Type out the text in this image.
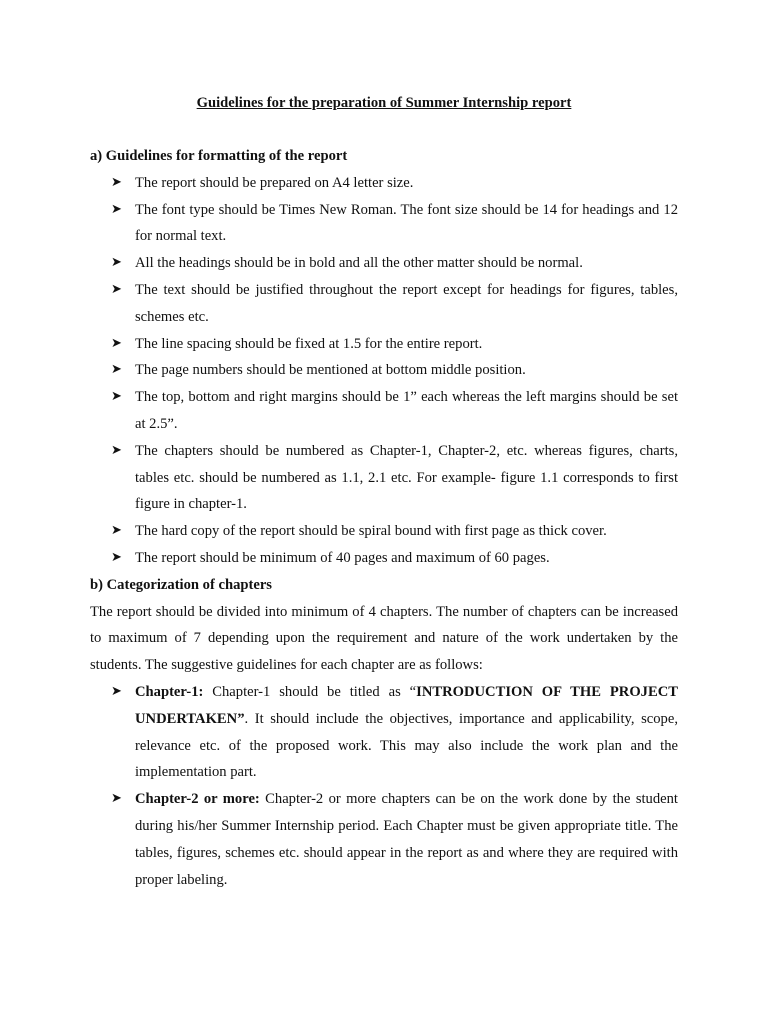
Guidelines for the preparation of Summer Internship report

a) Guidelines for formatting of the report

➤ The report should be prepared on A4 letter size.
➤ The font type should be Times New Roman. The font size should be 14 for headings and 12 for normal text.
➤ All the headings should be in bold and all the other matter should be normal.
➤ The text should be justified throughout the report except for headings for figures, tables, schemes etc.
➤ The line spacing should be fixed at 1.5 for the entire report.
➤ The page numbers should be mentioned at bottom middle position.
➤ The top, bottom and right margins should be 1” each whereas the left margins should be set at 2.5”.
➤ The chapters should be numbered as Chapter-1, Chapter-2, etc. whereas figures, charts, tables etc. should be numbered as 1.1, 2.1 etc. For example- figure 1.1 corresponds to first figure in chapter-1.
➤ The hard copy of the report should be spiral bound with first page as thick cover.
➤ The report should be minimum of 40 pages and maximum of 60 pages.

b) Categorization of chapters

The report should be divided into minimum of 4 chapters. The number of chapters can be increased to maximum of 7 depending upon the requirement and nature of the work undertaken by the students. The suggestive guidelines for each chapter are as follows:

➤ Chapter-1: Chapter-1 should be titled as “INTRODUCTION OF THE PROJECT UNDERTAKEN”. It should include the objectives, importance and applicability, scope, relevance etc. of the proposed work. This may also include the work plan and the implementation part.
➤ Chapter-2 or more: Chapter-2 or more chapters can be on the work done by the student during his/her Summer Internship period. Each Chapter must be given appropriate title. The tables, figures, schemes etc. should appear in the report as and where they are required with proper labeling.
